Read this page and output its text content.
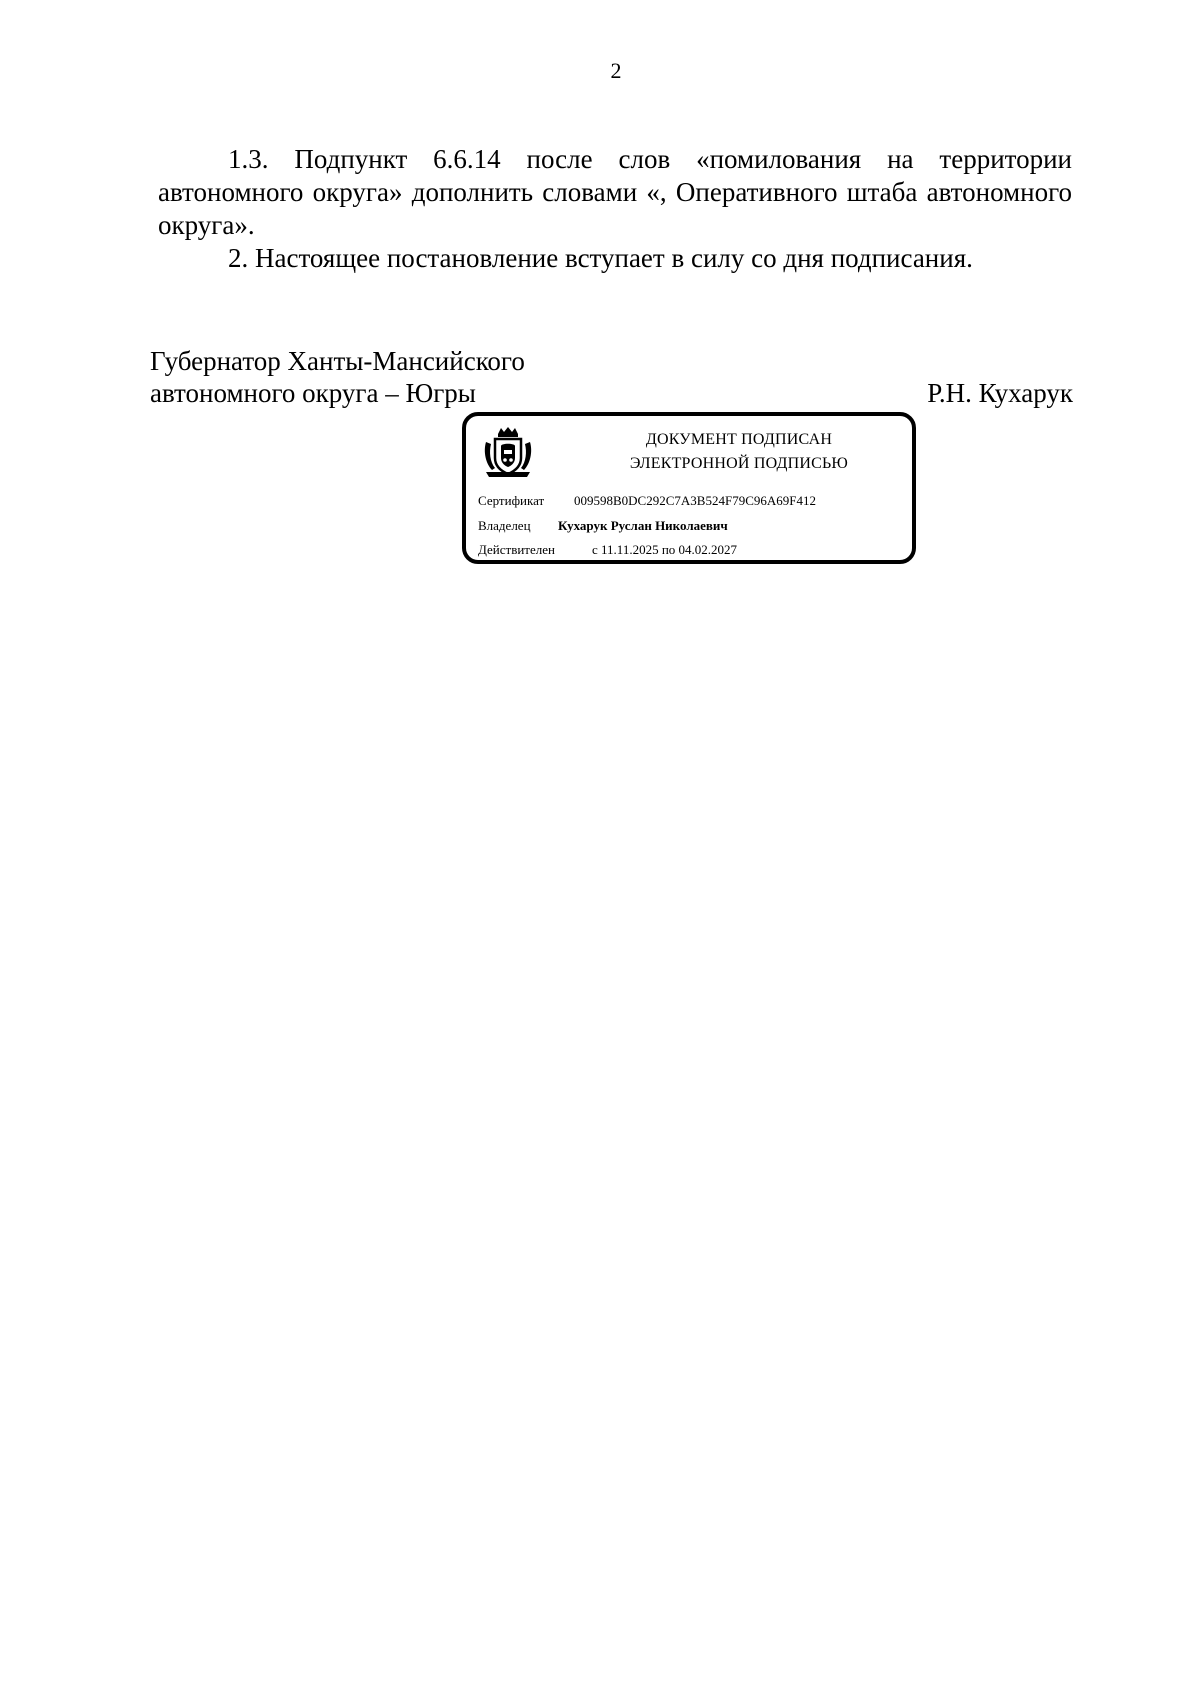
2

1.3. Подпункт 6.6.14 после слов «помилования на территории автономного округа» дополнить словами «, Оперативного штаба автономного округа».

2. Настоящее постановление вступает в силу со дня подписания.

Губернатор Ханты-Мансийского
автономного округа – Югры	Р.Н. Кухарук
ДОКУМЕНТ ПОДПИСАН
ЭЛЕКТРОННОЙ ПОДПИСЬЮ
Сертификат 009598B0DC292C7A3B524F79C96A69F412
Владелец Кухарук Руслан Николаевич
Действителен	с 11.11.2025 по 04.02.2027
